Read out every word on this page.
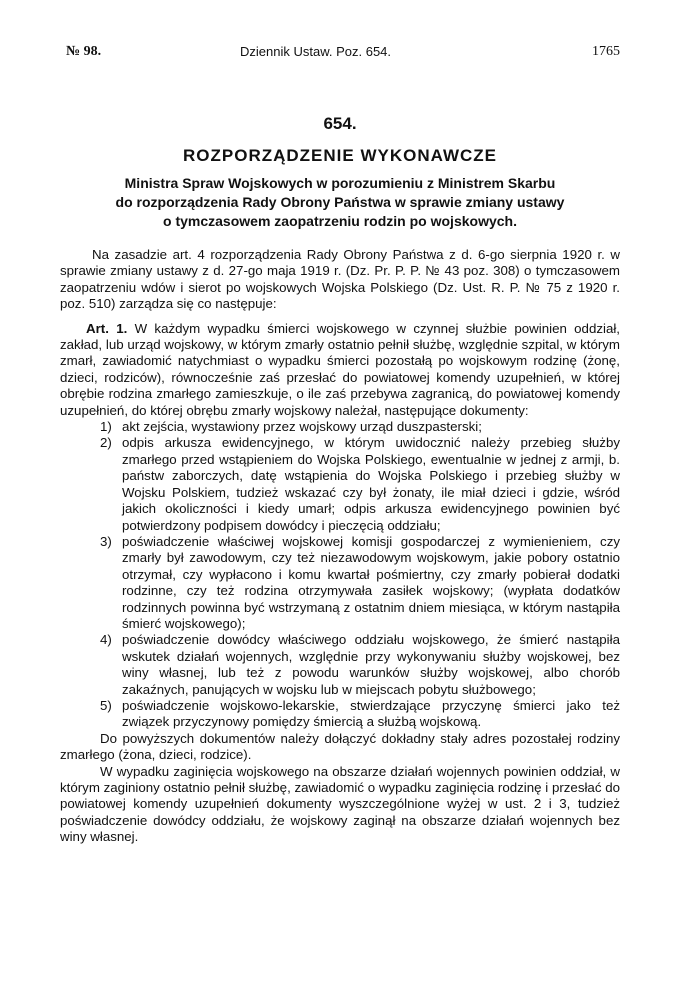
№ 98.	Dziennik Ustaw. Poz. 654.	1765
654.
ROZPORZĄDZENIE WYKONAWCZE
Ministra Spraw Wojskowych w porozumieniu z Ministrem Skarbu
do rozporządzenia Rady Obrony Państwa w sprawie zmiany ustawy
o tymczasowem zaopatrzeniu rodzin po wojskowych.

Na zasadzie art. 4 rozporządzenia Rady Obrony Państwa z d. 6-go sierpnia 1920 r. w sprawie zmiany ustawy z d. 27-go maja 1919 r. (Dz. Pr. P. P. № 43 poz. 308) o tymczasowem zaopatrzeniu wdów i sierot po wojskowych Wojska Polskiego (Dz. Ust. R. P. № 75 z 1920 r. poz. 510) zarządza się co następuje:

Art. 1. W każdym wypadku śmierci wojskowego w czynnej służbie powinien oddział, zakład, lub urząd wojskowy, w którym zmarły ostatnio pełnił służbę, względnie szpital, w którym zmarł, zawiadomić natychmiast o wypadku śmierci pozostałą po wojskowym rodzinę (żonę, dzieci, rodziców), równocześnie zaś przesłać do powiatowej komendy uzupełnień, w której obrębie rodzina zmarłego zamieszkuje, o ile zaś przebywa zagranicą, do powiatowej komendy uzupełnień, do której obrębu zmarły wojskowy należał, następujące dokumenty:

1) akt zejścia, wystawiony przez wojskowy urząd duszpasterski;
2) odpis arkusza ewidencyjnego, w którym uwidocznić należy przebieg służby zmarłego przed wstąpieniem do Wojska Polskiego, ewentualnie w jednej z armji, b. państw zaborczych, datę wstąpienia do Wojska Polskiego i przebieg służby w Wojsku Polskiem, tudzież wskazać czy był żonaty, ile miał dzieci i gdzie, wśród jakich okoliczności i kiedy umarł; odpis arkusza ewidencyjnego powinien być potwierdzony podpisem dowódcy i pieczęcią oddziału;
3) poświadczenie właściwej wojskowej komisji gospodarczej z wymienieniem, czy zmarły był zawodowym, czy też niezawodowym wojskowym, jakie pobory ostatnio otrzymał, czy wypłacono i komu kwartał pośmiertny, czy zmarły pobierał dodatki rodzinne, czy też rodzina otrzymywała zasiłek wojskowy; (wypłata dodatków rodzinnych powinna być wstrzymaną z ostatnim dniem miesiąca, w którym nastąpiła śmierć wojskowego);
4) poświadczenie dowódcy właściwego oddziału wojskowego, że śmierć nastąpiła wskutek działań wojennych, względnie przy wykonywaniu służby wojskowej, bez winy własnej, lub też z powodu warunków służby wojskowej, albo chorób zakaźnych, panujących w wojsku lub w miejscach pobytu służbowego;
5) poświadczenie wojskowo-lekarskie, stwierdzające przyczynę śmierci jako też związek przyczynowy pomiędzy śmiercią a służbą wojskową.

Do powyższych dokumentów należy dołączyć dokładny stały adres pozostałej rodziny zmarłego (żona, dzieci, rodzice).

W wypadku zaginięcia wojskowego na obszarze działań wojennych powinien oddział, w którym zaginiony ostatnio pełnił służbę, zawiadomić o wypadku zaginięcia rodzinę i przesłać do powiatowej komendy uzupełnień dokumenty wyszczególnione wyżej w ust. 2 i 3, tudzież poświadczenie dowódcy oddziału, że wojskowy zaginął na obszarze działań wojennych bez winy własnej.
